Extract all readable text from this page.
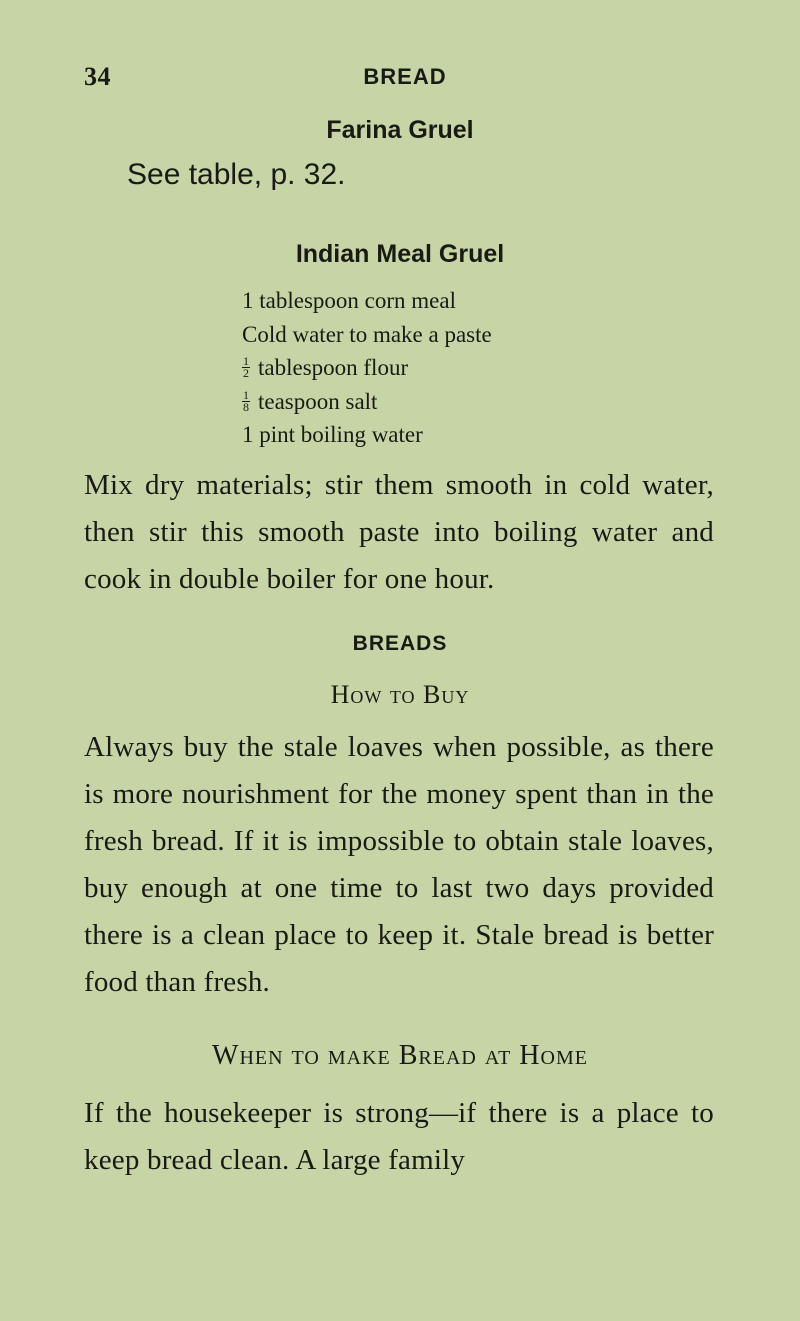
34	BREAD
Farina Gruel
See table, p. 32.
Indian Meal Gruel
1 tablespoon corn meal
Cold water to make a paste
$\frac{1}{2}$ tablespoon flour
$\frac{1}{8}$ teaspoon salt
1 pint boiling water
Mix dry materials; stir them smooth in cold water, then stir this smooth paste into boiling water and cook in double boiler for one hour.
BREADS
How to Buy
Always buy the stale loaves when possible, as there is more nourishment for the money spent than in the fresh bread. If it is impossible to obtain stale loaves, buy enough at one time to last two days provided there is a clean place to keep it. Stale bread is better food than fresh.
When to make Bread at Home
If the housekeeper is strong—if there is a place to keep bread clean. A large family
